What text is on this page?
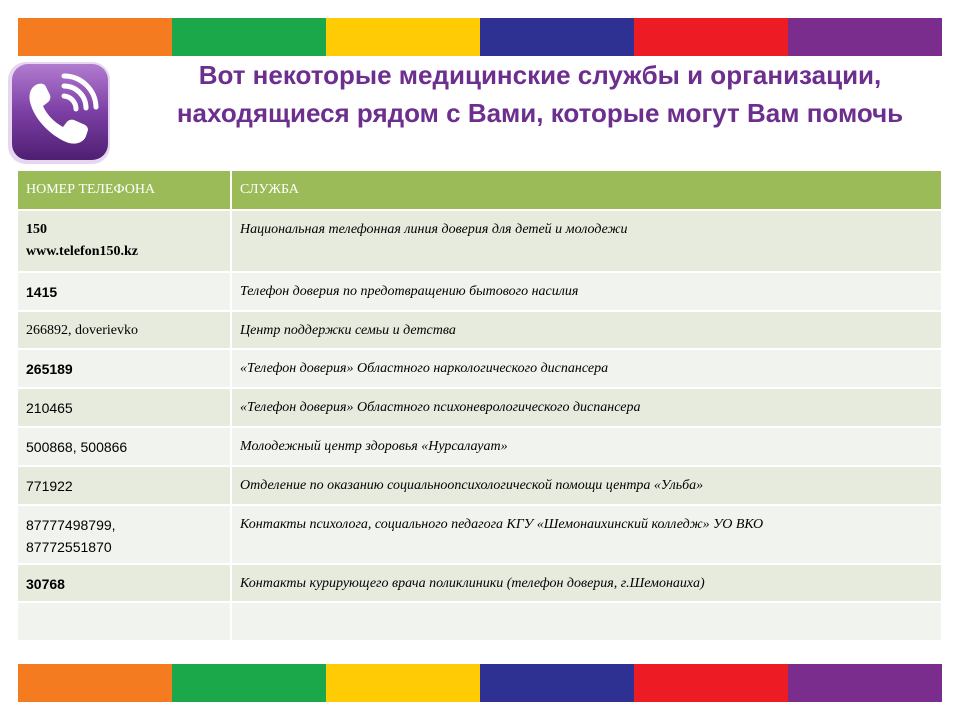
Вот некоторые медицинские службы и организации, находящиеся рядом с Вами, которые могут Вам помочь
НОМЕР ТЕЛЕФОНА	СЛУЖБА

150
www.telefon150.kz	Национальная телефонная линия доверия для детей и молодежи
1415	Телефон доверия по предотвращению бытового насилия
266892, doverievko	Центр поддержки семьи и детства
265189	«Телефон доверия» Областного наркологического диспансера
210465	«Телефон доверия» Областного психоневрологического диспансера
500868, 500866	Молодежный центр здоровья «Нурсалауат»
771922	Отделение по оказанию социальноопсихологической помощи центра «Ульба»

87777498799,
87772551870	Контакты психолога, социального педагога КГУ «Шемонаихинский колледж» УО ВКО
30768	Контакты курирующего врача поликлиники (телефон доверия, г.Шемонаиха)
